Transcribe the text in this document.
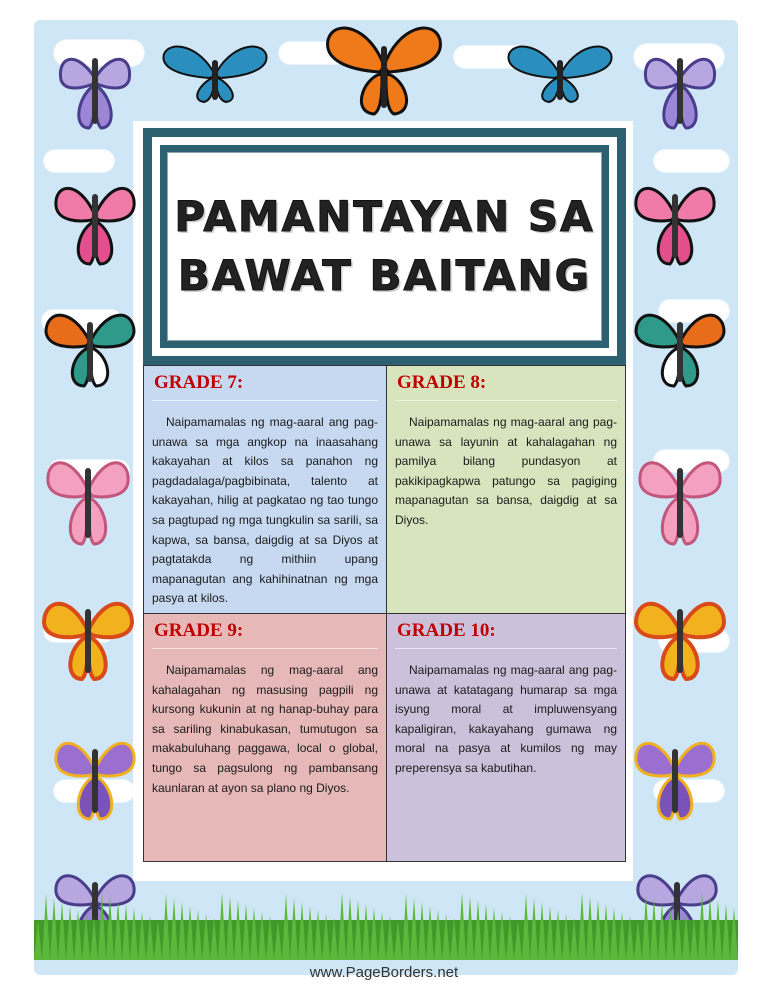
PAMANTAYAN SA
BAWAT BAITANG
GRADE 7:
Naipamamalas ng mag-aaral ang pag-unawa sa mga angkop na inaasahang kakayahan at kilos sa panahon ng pagdadalaga/pagbibinata, talento at kakayahan, hilig at pagkatao ng tao tungo sa pagtupad ng mga tungkulin sa sarili, sa kapwa, sa bansa, daigdig at sa Diyos at pagtatakda ng mithiin upang mapanagutan ang kahihinatnan ng mga pasya at kilos.
GRADE 8:
Naipamamalas ng mag-aaral ang pag-unawa sa layunin at kahalagahan ng pamilya bilang pundasyon at pakikipagkapwa patungo sa pagiging mapanagutan sa bansa, daigdig at sa Diyos.
GRADE 9:
Naipamamalas ng mag-aaral ang kahalagahan ng masusing pagpili ng kursong kukunin at ng hanap-buhay para sa sariling kinabukasan, tumutugon sa makabuluhang paggawa, local o global, tungo sa pagsulong ng pambansang kaunlaran at ayon sa plano ng Diyos.
GRADE 10:
Naipamamalas ng mag-aaral ang pag-unawa at katatagang humarap sa mga isyung moral at impluwensyang kapaligiran, kakayahang gumawa ng moral na pasya at kumilos ng may preperensya sa kabutihan.
www.PageBorders.net
